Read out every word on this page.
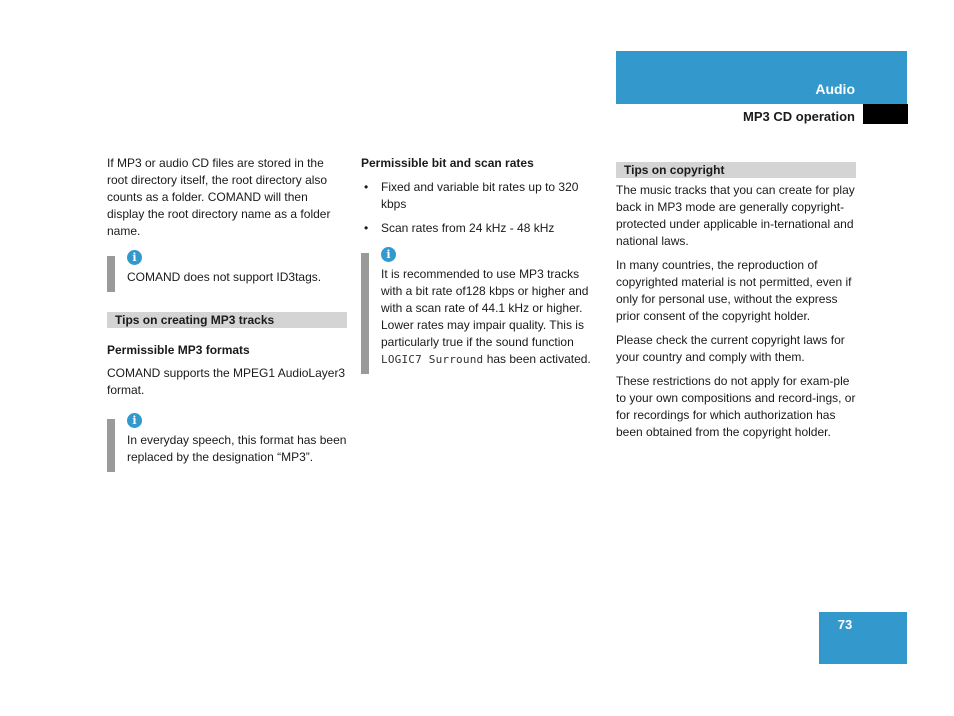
Audio
MP3 CD operation

If MP3 or audio CD files are stored in the root directory itself, the root directory also counts as a folder. COMAND will then display the root directory name as a folder name.

i
COMAND does not support ID3tags.
Tips on creating MP3 tracks
Permissible MP3 formats

COMAND supports the MPEG1 AudioLayer3 format.

i
In everyday speech, this format has been replaced by the designation “MP3”.
Permissible bit and scan rates
• Fixed and variable bit rates up to 320 kbps
• Scan rates from 24 kHz - 48 kHz
i
It is recommended to use MP3 tracks with a bit rate of128 kbps or higher and with a scan rate of 44.1 kHz or higher. Lower rates may impair quality. This is particularly true if the sound function LOGIC7 Surround has been activated.
Tips on copyright

The music tracks that you can create for play back in MP3 mode are generally copyright-protected under applicable in-ternational and national laws.

In many countries, the reproduction of copyrighted material is not permitted, even if only for personal use, without the express prior consent of the copyright holder.

Please check the current copyright laws for your country and comply with them.

These restrictions do not apply for exam-ple to your own compositions and record-ings, or for recordings for which authorization has been obtained from the copyright holder.

73
